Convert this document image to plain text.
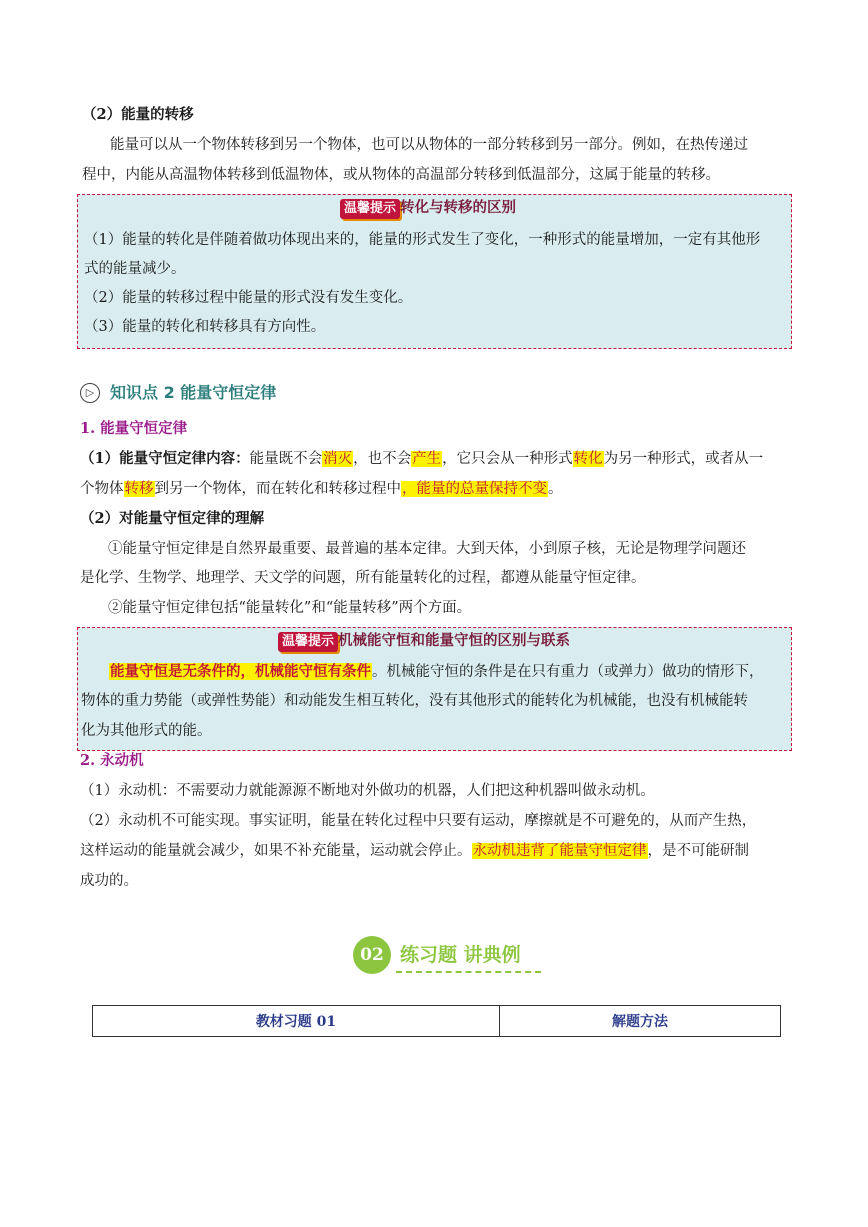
（2）能量的转移
能量可以从一个物体转移到另一个物体，也可以从物体的一部分转移到另一部分。例如，在热传递过
程中，内能从高温物体转移到低温物体，或从物体的高温部分转移到低温部分，这属于能量的转移。
温馨提示 转化与转移的区别
（1）能量的转化是伴随着做功体现出来的，能量的形式发生了变化，一种形式的能量增加，一定有其他形
式的能量减少。
（2）能量的转移过程中能量的形式没有发生变化。
（3）能量的转化和转移具有方向性。
▷ 知识点 2 能量守恒定律
1. 能量守恒定律
（1）能量守恒定律内容：能量既不会消灭，也不会产生，它只会从一种形式转化为另一种形式，或者从一
个物体转移到另一个物体，而在转化和转移过程中，能量的总量保持不变。
（2）对能量守恒定律的理解
①能量守恒定律是自然界最重要、最普遍的基本定律。大到天体，小到原子核，无论是物理学问题还
是化学、生物学、地理学、天文学的问题，所有能量转化的过程，都遵从能量守恒定律。
②能量守恒定律包括“能量转化”和“能量转移”两个方面。
温馨提示 机械能守恒和能量守恒的区别与联系
能量守恒是无条件的，机械能守恒有条件。机械能守恒的条件是在只有重力（或弹力）做功的情形下，
物体的重力势能（或弹性势能）和动能发生相互转化，没有其他形式的能转化为机械能，也没有机械能转
化为其他形式的能。
2. 永动机
（1）永动机：不需要动力就能源源不断地对外做功的机器，人们把这种机器叫做永动机。
（2）永动机不可能实现。事实证明，能量在转化过程中只要有运动，摩擦就是不可避免的，从而产生热，
这样运动的能量就会减少，如果不补充能量，运动就会停止。永动机违背了能量守恒定律，是不可能研制
成功的。
02 练习题 讲典例
教材习题 01	解题方法
